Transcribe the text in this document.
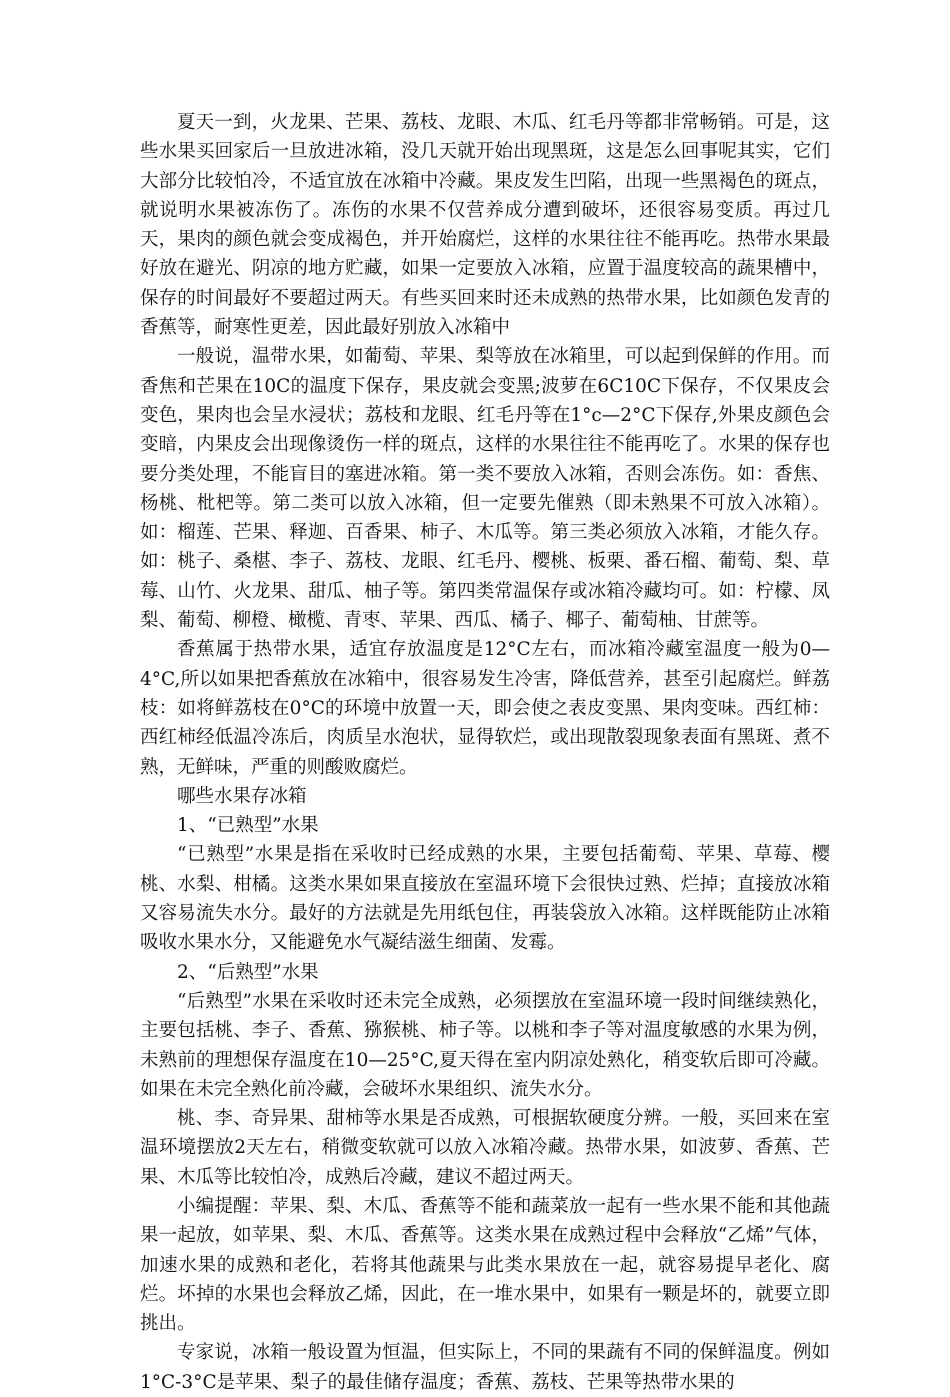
夏天一到，火龙果、芒果、荔枝、龙眼、木瓜、红毛丹等都非常畅销。可是，这些水果买回家后一旦放进冰箱，没几天就开始出现黑斑，这是怎么回事呢其实，它们大部分比较怕冷，不适宜放在冰箱中冷藏。果皮发生凹陷，出现一些黑褐色的斑点，就说明水果被冻伤了。冻伤的水果不仅营养成分遭到破坏，还很容易变质。再过几天，果肉的颜色就会变成褐色，并开始腐烂，这样的水果往往不能再吃。热带水果最好放在避光、阴凉的地方贮藏，如果一定要放入冰箱，应置于温度较高的蔬果槽中，保存的时间最好不要超过两天。有些买回来时还未成熟的热带水果，比如颜色发青的香蕉等，耐寒性更差，因此最好别放入冰箱中

一般说，温带水果，如葡萄、苹果、梨等放在冰箱里，可以起到保鲜的作用。而香焦和芒果在10C的温度下保存，果皮就会变黑;波萝在6C10C下保存，不仅果皮会变色，果肉也会呈水浸状；荔枝和龙眼、红毛丹等在1°c—2°C下保存,外果皮颜色会变暗，内果皮会出现像烫伤一样的斑点，这样的水果往往不能再吃了。水果的保存也要分类处理，不能盲目的塞进冰箱。第一类不要放入冰箱，否则会冻伤。如：香焦、杨桃、枇杷等。第二类可以放入冰箱，但一定要先催熟（即未熟果不可放入冰箱）。如：榴莲、芒果、释迦、百香果、柿子、木瓜等。第三类必须放入冰箱，才能久存。如：桃子、桑椹、李子、荔枝、龙眼、红毛丹、樱桃、板栗、番石榴、葡萄、梨、草莓、山竹、火龙果、甜瓜、柚子等。第四类常温保存或冰箱冷藏均可。如：柠檬、凤梨、葡萄、柳橙、橄榄、青枣、苹果、西瓜、橘子、椰子、葡萄柚、甘蔗等。

香蕉属于热带水果，适宜存放温度是12°C左右，而冰箱冷藏室温度一般为0—4°C,所以如果把香蕉放在冰箱中，很容易发生冷害，降低营养，甚至引起腐烂。鲜荔枝：如将鲜荔枝在0°C的环境中放置一天，即会使之表皮变黑、果肉变味。西红柿：西红柿经低温冷冻后，肉质呈水泡状，显得软烂，或出现散裂现象表面有黑斑、煮不熟，无鲜味，严重的则酸败腐烂。

哪些水果存冰箱

1、“已熟型”水果

“已熟型”水果是指在采收时已经成熟的水果，主要包括葡萄、苹果、草莓、樱桃、水梨、柑橘。这类水果如果直接放在室温环境下会很快过熟、烂掉；直接放冰箱又容易流失水分。最好的方法就是先用纸包住，再装袋放入冰箱。这样既能防止冰箱吸收水果水分，又能避免水气凝结滋生细菌、发霉。

2、“后熟型”水果

“后熟型”水果在采收时还未完全成熟，必须摆放在室温环境一段时间继续熟化，主要包括桃、李子、香蕉、猕猴桃、柿子等。以桃和李子等对温度敏感的水果为例，未熟前的理想保存温度在10—25°C,夏天得在室内阴凉处熟化，稍变软后即可冷藏。如果在未完全熟化前冷藏，会破坏水果组织、流失水分。

桃、李、奇异果、甜柿等水果是否成熟，可根据软硬度分辨。一般，买回来在室温环境摆放2天左右，稍微变软就可以放入冰箱冷藏。热带水果，如波萝、香蕉、芒果、木瓜等比较怕冷，成熟后冷藏，建议不超过两天。

小编提醒：苹果、梨、木瓜、香蕉等不能和蔬菜放一起有一些水果不能和其他蔬果一起放，如苹果、梨、木瓜、香蕉等。这类水果在成熟过程中会释放“乙烯”气体，加速水果的成熟和老化，若将其他蔬果与此类水果放在一起，就容易提早老化、腐烂。坏掉的水果也会释放乙烯，因此，在一堆水果中，如果有一颗是坏的，就要立即挑出。

专家说，冰箱一般设置为恒温，但实际上，不同的果蔬有不同的保鲜温度。例如1°C-3°C是苹果、梨子的最佳储存温度；香蕉、荔枝、芒果等热带水果的
